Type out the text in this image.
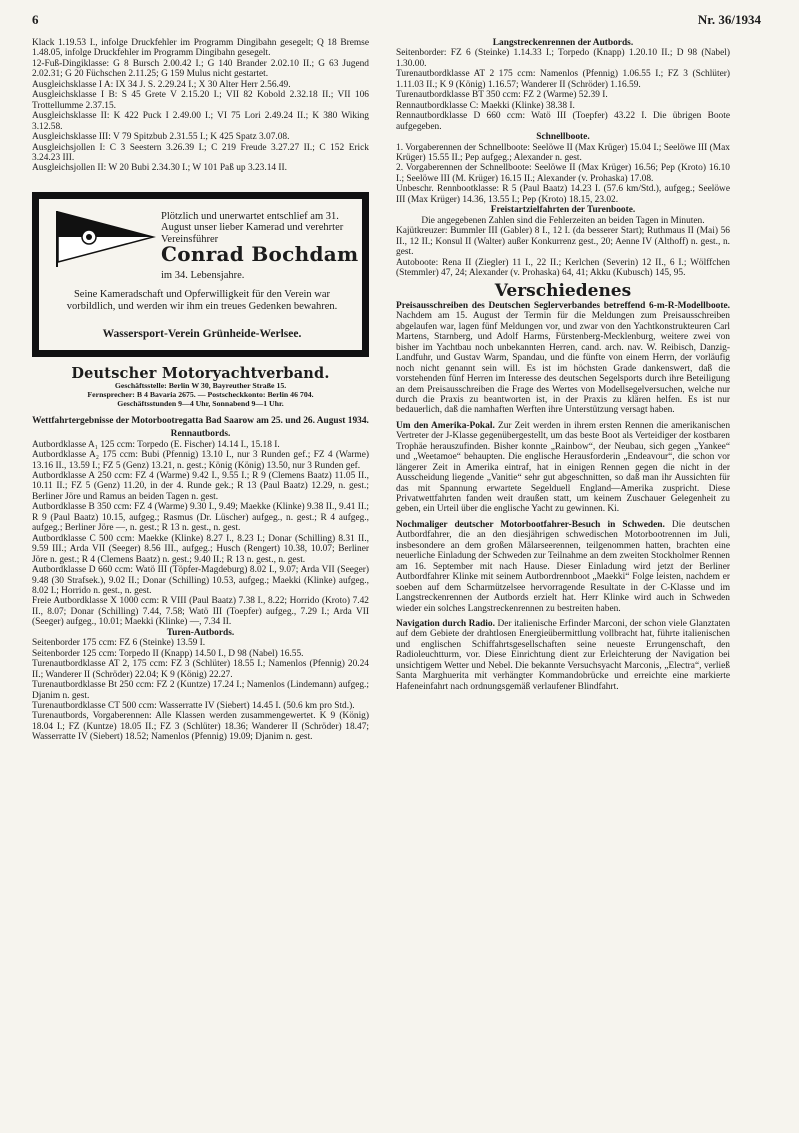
6	Nr. 36/1934

Klack 1.19.53 I., infolge Druckfehler im Programm Dingibahn gesegelt; Q 18 Bremse 1.48.05, infolge Druckfehler im Programm Dingibahn gesegelt.

12-Fuß-Dingiklasse: G 8 Bursch 2.00.42 I.; G 140 Brander 2.02.10 II.; G 63 Jugend 2.02.31; G 20 Füchschen 2.11.25; G 159 Mulus nicht gestartet.

Ausgleichsklasse I A: IX 34 J. S. 2.29.24 I.; X 30 Alter Herr 2.56.49.

Ausgleichsklasse I B: S 45 Grete V 2.15.20 I.; VII 82 Kobold 2.32.18 II.; VII 106 Trottellumme 2.37.15.

Ausgleichsklasse II: K 422 Puck I 2.49.00 I.; VI 75 Lori 2.49.24 II.; K 380 Wiking 3.12.58.

Ausgleichsklasse III: V 79 Spitzbub 2.31.55 I.; K 425 Spatz 3.07.08.

Ausgleichsjollen I: C 3 Seestern 3.26.39 I.; C 219 Freude 3.27.27 II.; C 152 Erick 3.24.23 III.

Ausgleichsjollen II: W 20 Bubi 2.34.30 I.; W 101 Paß up 3.23.14 II.

Plötzlich und unerwartet entschlief am 31. August unser lieber Kamerad und verehrter Vereinsführer
Conrad Bochdam
im 34. Lebensjahre.
Seine Kameradschaft und Opferwilligkeit für den Verein war vorbildlich, und werden wir ihm ein treues Gedenken bewahren.
Wassersport-Verein Grünheide-Werlsee.
Deutscher Motoryachtverband.
Geschäftsstelle: Berlin W 30, Bayreuther Straße 15.
Fernsprecher: B 4 Bavaria 2675. — Postscheckkonto: Berlin 46 704.
Geschäftsstunden 9—4 Uhr, Sonnabend 9—1 Uhr.

Wettfahrtergebnisse der Motorbootregatta Bad Saarow am 25. und 26. August 1934.

Rennautbords.

Autbordklasse A₁ 125 ccm: Torpedo (E. Fischer) 14.14 I., 15.18 I.

Autbordklasse A₂ 175 ccm: Bubi (Pfennig) 13.10 I., nur 3 Runden gef.; FZ 4 (Warme) 13.16 II., 13.59 I.; FZ 5 (Genz) 13.21, n. gest.; König (König) 13.50, nur 3 Runden gef.

Autbordklasse A 250 ccm: FZ 4 (Warme) 9.42 I., 9.55 I.; R 9 (Clemens Baatz) 11.05 II., 10.11 II.; FZ 5 (Genz) 11.20, in der 4. Runde gek.; R 13 (Paul Baatz) 12.29, n. gest.; Berliner Jöre und Ramus an beiden Tagen n. gest.

Autbordklasse B 350 ccm: FZ 4 (Warme) 9.30 I., 9.49; Maekke (Klinke) 9.38 II., 9.41 II.; R 9 (Paul Baatz) 10.15, aufgeg.; Rasmus (Dr. Lüscher) aufgeg., n. gest.; R 4 aufgeg., aufgeg.; Berliner Jöre —, n. gest.; R 13 n. gest., n. gest.

Autbordklasse C 500 ccm: Maekke (Klinke) 8.27 I., 8.23 I.; Donar (Schilling) 8.31 II., 9.59 III.; Arda VII (Seeger) 8.56 III., aufgeg.; Husch (Rengert) 10.38, 10.07; Berliner Jöre n. gest.; R 4 (Clemens Baatz) n. gest.; 9.40 II.; R 13 n. gest., n. gest.

Autbordklasse D 660 ccm: Watö III (Töpfer-Magdeburg) 8.02 I., 9.07; Arda VII (Seeger) 9.48 (30 Strafsek.), 9.02 II.; Donar (Schilling) 10.53, aufgeg.; Maekki (Klinke) aufgeg., 8.02 I.; Horrido n. gest., n. gest.

Freie Autbordklasse X 1000 ccm: R VIII (Paul Baatz) 7.38 I., 8.22; Horrido (Kroto) 7.42 II., 8.07; Donar (Schilling) 7.44, 7.58; Watö III (Toepfer) aufgeg., 7.29 I.; Arda VII (Seeger) aufgeg., 10.01; Maekki (Klinke) —, 7.34 II.

Turen-Autbords.

Seitenborder 175 ccm: FZ 6 (Steinke) 13.59 I.

Seitenborder 125 ccm: Torpedo II (Knapp) 14.50 I., D 98 (Nabel) 16.55.

Turenautbordklasse AT 2, 175 ccm: FZ 3 (Schlüter) 18.55 I.; Namenlos (Pfennig) 20.24 II.; Wanderer II (Schröder) 22.04; K 9 (König) 22.27.

Turenautbordklasse Bt 250 ccm: FZ 2 (Kuntze) 17.24 I.; Namenlos (Lindemann) aufgeg.; Djanim n. gest.

Turenautbordklasse CT 500 ccm: Wasserratte IV (Siebert) 14.45 I. (50.6 km pro Std.).

Turenautbords, Vorgaberennen: Alle Klassen werden zusammengewertet. K 9 (König) 18.04 I.; FZ (Kuntze) 18.05 II.; FZ 3 (Schlüter) 18.36; Wanderer II (Schröder) 18.47; Wasserratte IV (Siebert) 18.52; Namenlos (Pfennig) 19.09; Djanim n. gest.

Langstreckenrennen der Autbords.

Seitenborder: FZ 6 (Steinke) 1.14.33 I.; Torpedo (Knapp) 1.20.10 II.; D 98 (Nabel) 1.30.00.

Turenautbordklasse AT 2 175 ccm: Namenlos (Pfennig) 1.06.55 I.; FZ 3 (Schlüter) 1.11.03 II.; K 9 (König) 1.16.57; Wanderer II (Schröder) 1.16.59.

Turenautbordklasse BT 350 ccm: FZ 2 (Warme) 52.39 I.

Rennautbordklasse C: Maekki (Klinke) 38.38 I.

Rennautbordklasse D 660 ccm: Watö III (Toepfer) 43.22 I. Die übrigen Boote aufgegeben.

Schnellboote.

1. Vorgaberennen der Schnellboote: Seelöwe II (Max Krüger) 15.04 I.; Seelöwe III (Max Krüger) 15.55 II.; Pep aufgeg.; Alexander n. gest.

2. Vorgaberennen der Schnellboote: Seelöwe II (Max Krüger) 16.56; Pep (Kroto) 16.10 I.; Seelöwe III (M. Krüger) 16.15 II.; Alexander (v. Prohaska) 17.08.

Unbeschr. Rennbootklasse: R 5 (Paul Baatz) 14.23 I. (57.6 km/Std.), aufgeg.; Seelöwe III (Max Krüger) 14.36, 13.55 I.; Pep (Kroto) 18.15, 23.02.

Freistartzielfahrten der Turenboote.

Die angegebenen Zahlen sind die Fehlerzeiten an beiden Tagen in Minuten.

Kajütkreuzer: Bummler III (Gabler) 8 I., 12 I. (da besserer Start); Ruthmaus II (Mai) 56 II., 12 II.; Konsul II (Walter) außer Konkurrenz gest., 20; Aenne IV (Althoff) n. gest., n. gest.

Autoboote: Rena II (Ziegler) 11 I., 22 II.; Kerlchen (Severin) 12 II., 6 I.; Wölffchen (Stemmler) 47, 24; Alexander (v. Prohaska) 64, 41; Akku (Kubusch) 145, 95.

Verschiedenes

Preisausschreiben des Deutschen Seglerverbandes betreffend 6-m-R-Modellboote. Nachdem am 15. August der Termin für die Meldungen zum Preisausschreiben abgelaufen war, lagen fünf Meldungen vor, und zwar von den Yachtkonstrukteuren Carl Martens, Starnberg, und Adolf Harms, Fürstenberg-Mecklenburg, weitere zwei von bisher im Yachtbau noch unbekannten Herren, cand. arch. nav. W. Reibisch, Danzig-Landfuhr, und Gustav Warm, Spandau, und die fünfte von einem Herrn, der vorläufig noch nicht genannt sein will. Es ist im höchsten Grade dankenswert, daß die vorstehenden fünf Herren im Interesse des deutschen Segelsports durch ihre Beteiligung an dem Preisausschreiben die Frage des Wertes von Modellsegelversuchen, welche nur durch die Praxis zu beantworten ist, in der Praxis zu klären helfen. Es ist nur bedauerlich, daß die namhaften Werften ihre Unterstützung versagt haben.

Um den Amerika-Pokal. Zur Zeit werden in ihrem ersten Rennen die amerikanischen Vertreter der J-Klasse gegenübergestellt, um das beste Boot als Verteidiger der kostbaren Trophäe herauszufinden. Bisher konnte „Rainbow“, der Neubau, sich gegen „Yankee“ und „Weetamoe“ behaupten. Die englische Herausforderin „Endeavour“, die schon vor längerer Zeit in Amerika eintraf, hat in einigen Rennen gegen die nicht in der Ausscheidung liegende „Vanitie“ sehr gut abgeschnitten, so daß man ihr Aussichten für das mit Spannung erwartete Segelduell England—Amerika zuspricht. Diese Privatwettfahrten fanden weit draußen statt, um keinem Zuschauer Gelegenheit zu geben, ein Urteil über die englische Yacht zu gewinnen. Ki.

Nochmaliger deutscher Motorbootfahrer-Besuch in Schweden. Die deutschen Autbordfahrer, die an den diesjährigen schwedischen Motorbootrennen im Juli, insbesondere an dem großen Mälarseerennen, teilgenommen hatten, brachten eine neuerliche Einladung der Schweden zur Teilnahme an dem zweiten Stockholmer Rennen am 16. September mit nach Hause. Dieser Einladung wird jetzt der Berliner Autbordfahrer Klinke mit seinem Autbordrennboot „Maekki“ Folge leisten, nachdem er soeben auf dem Scharmützelsee hervorragende Resultate in der C-Klasse und im Langstreckenrennen der Autbords erzielt hat. Herr Klinke wird auch in Schweden wieder ein solches Langstreckenrennen zu bestreiten haben.

Navigation durch Radio. Der italienische Erfinder Marconi, der schon viele Glanztaten auf dem Gebiete der drahtlosen Energieübermittlung vollbracht hat, führte italienischen und englischen Schiffahrtsgesellschaften seine neueste Errungenschaft, den Radioleuchtturm, vor. Diese Einrichtung dient zur Erleichterung der Navigation bei unsichtigem Wetter und Nebel. Die bekannte Versuchsyacht Marconis, „Electra“, verließ Santa Marghuerita mit verhängter Kommandobrücke und erreichte eine markierte Hafeneinfahrt nach ordnungsgemäß verlaufener Blindfahrt.
